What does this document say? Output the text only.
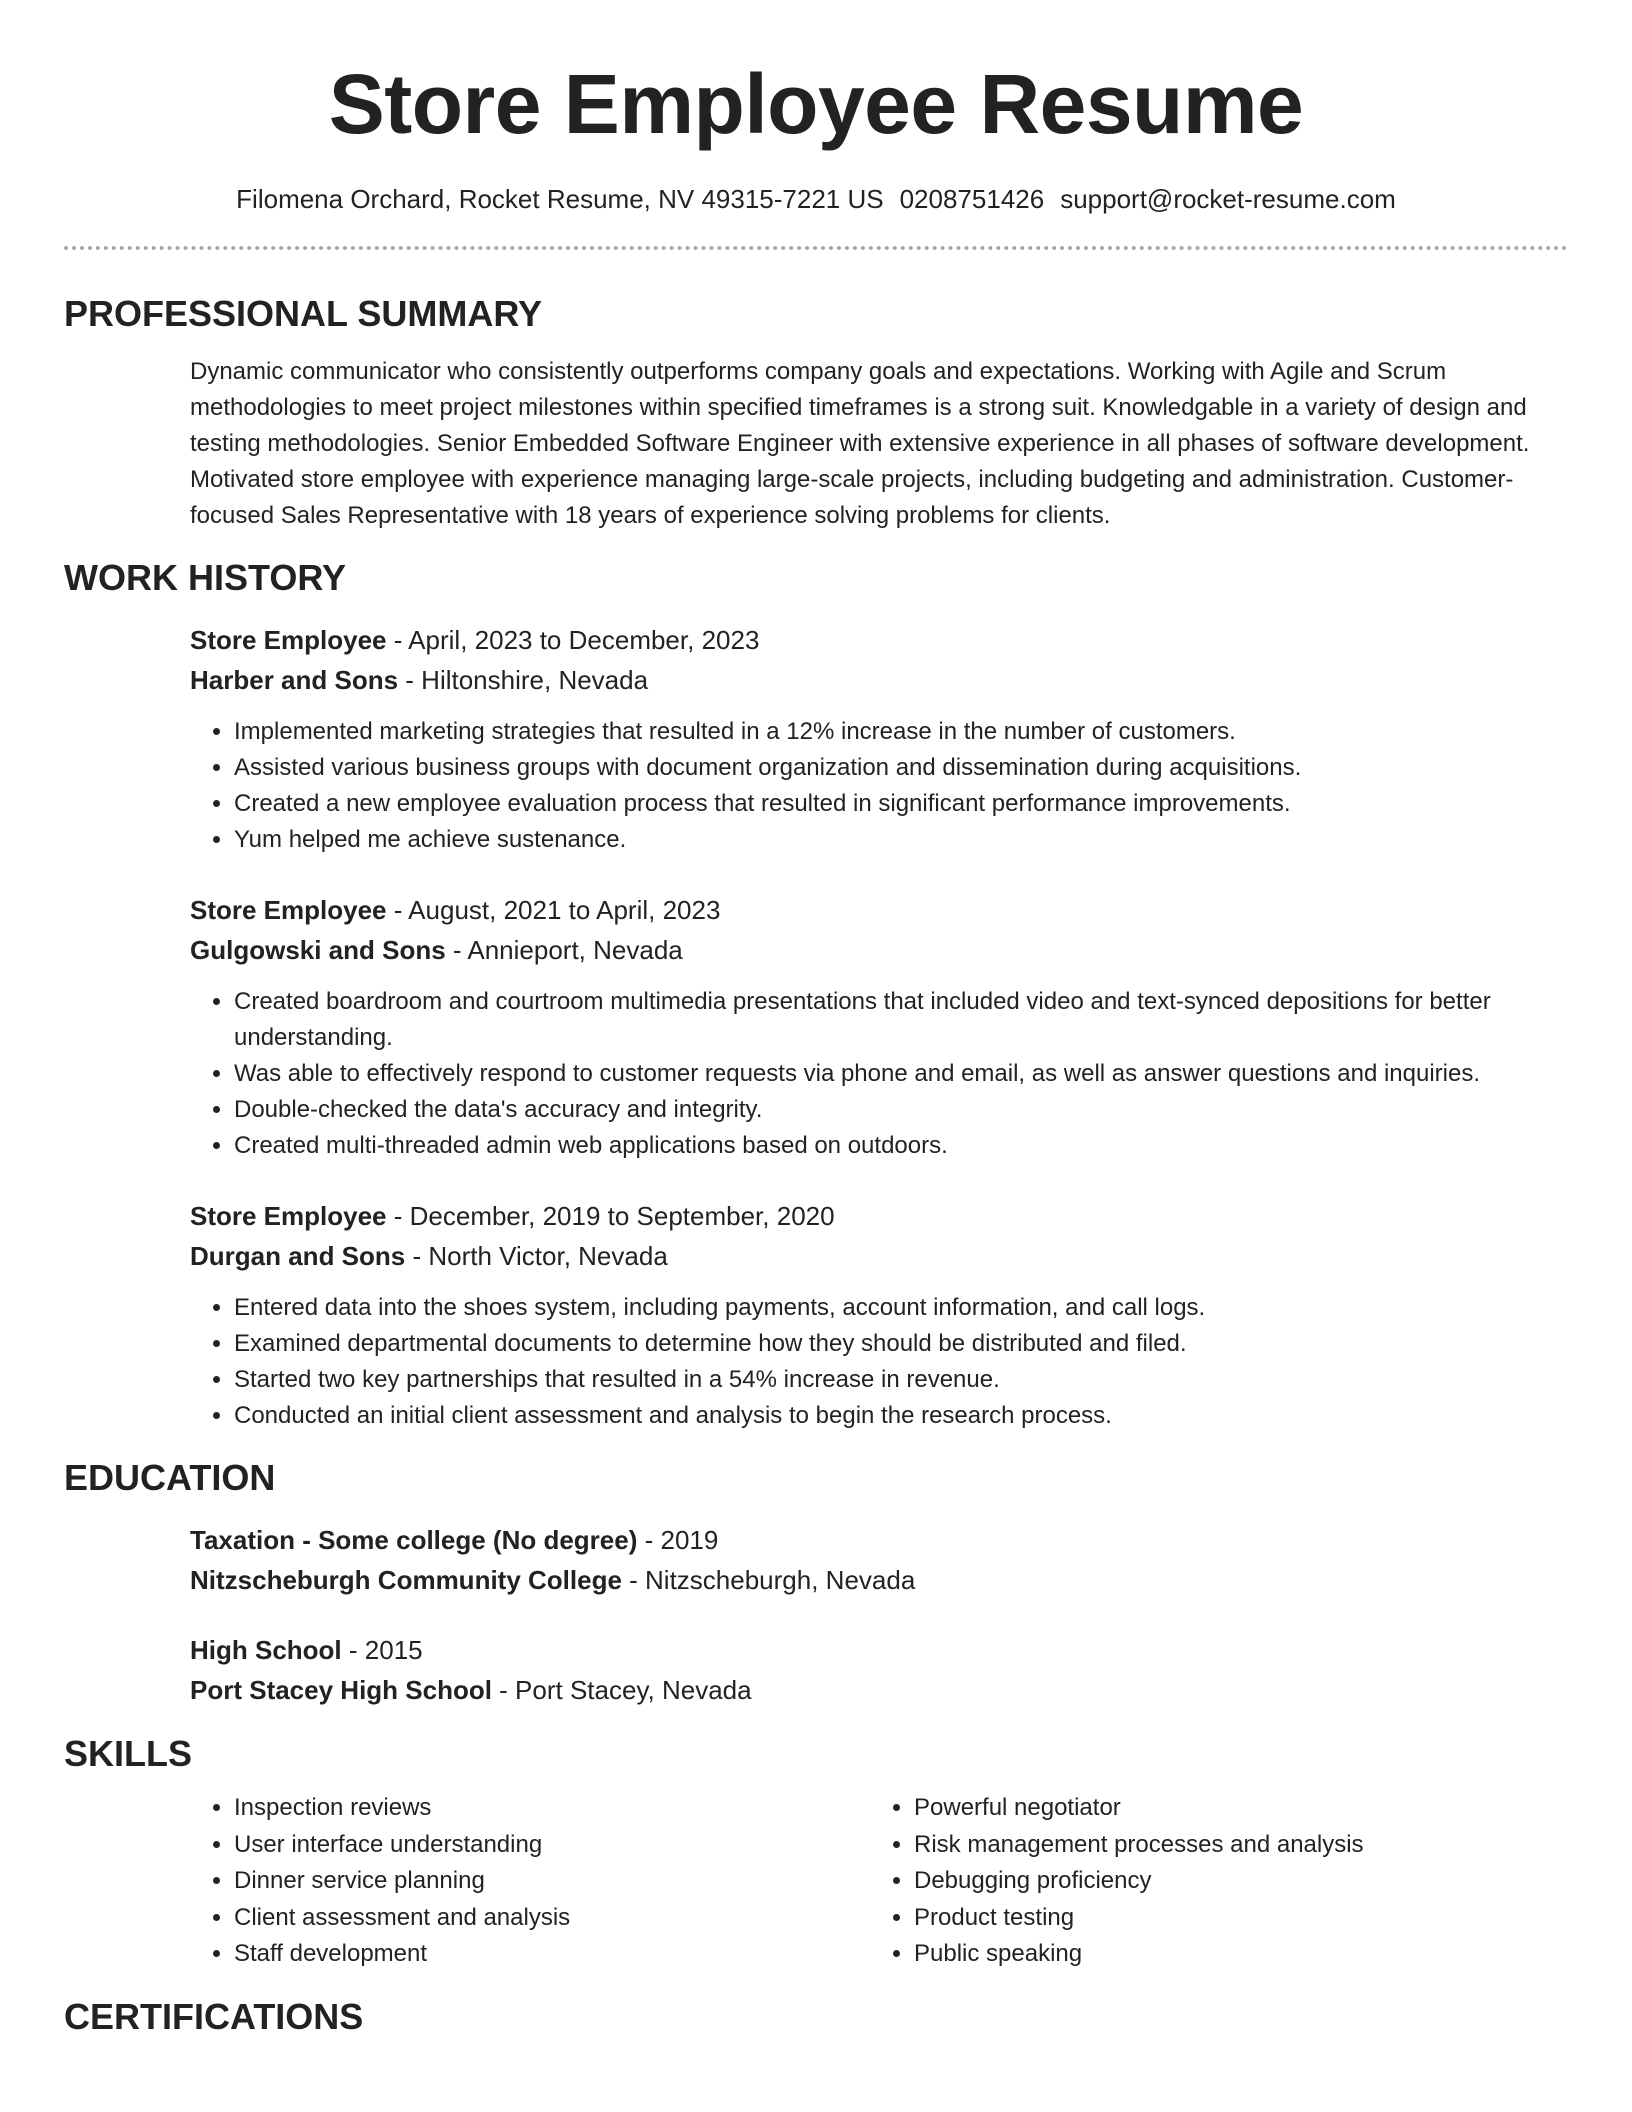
Store Employee Resume
Filomena Orchard, Rocket Resume, NV 49315-7221 US 0208751426 support@rocket-resume.com
PROFESSIONAL SUMMARY

Dynamic communicator who consistently outperforms company goals and expectations. Working with Agile and Scrum methodologies to meet project milestones within specified timeframes is a strong suit. Knowledgable in a variety of design and testing methodologies. Senior Embedded Software Engineer with extensive experience in all phases of software development. Motivated store employee with experience managing large-scale projects, including budgeting and administration. Customer-focused Sales Representative with 18 years of experience solving problems for clients.

WORK HISTORY

Store Employee - April, 2023 to December, 2023

Harber and Sons - Hiltonshire, Nevada

• Implemented marketing strategies that resulted in a 12% increase in the number of customers.
• Assisted various business groups with document organization and dissemination during acquisitions.
• Created a new employee evaluation process that resulted in significant performance improvements.
• Yum helped me achieve sustenance.

Store Employee - August, 2021 to April, 2023

Gulgowski and Sons - Annieport, Nevada

• Created boardroom and courtroom multimedia presentations that included video and text-synced depositions for better understanding.
• Was able to effectively respond to customer requests via phone and email, as well as answer questions and inquiries.
• Double-checked the data's accuracy and integrity.
• Created multi-threaded admin web applications based on outdoors.

Store Employee - December, 2019 to September, 2020

Durgan and Sons - North Victor, Nevada

• Entered data into the shoes system, including payments, account information, and call logs.
• Examined departmental documents to determine how they should be distributed and filed.
• Started two key partnerships that resulted in a 54% increase in revenue.
• Conducted an initial client assessment and analysis to begin the research process.
EDUCATION

Taxation - Some college (No degree) - 2019

Nitzscheburgh Community College - Nitzscheburgh, Nevada

High School - 2015

Port Stacey High School - Port Stacey, Nevada

SKILLS
• Inspection reviews
• User interface understanding
• Dinner service planning
• Client assessment and analysis
• Staff development
• Powerful negotiator
• Risk management processes and analysis
• Debugging proficiency
• Product testing
• Public speaking
CERTIFICATIONS
